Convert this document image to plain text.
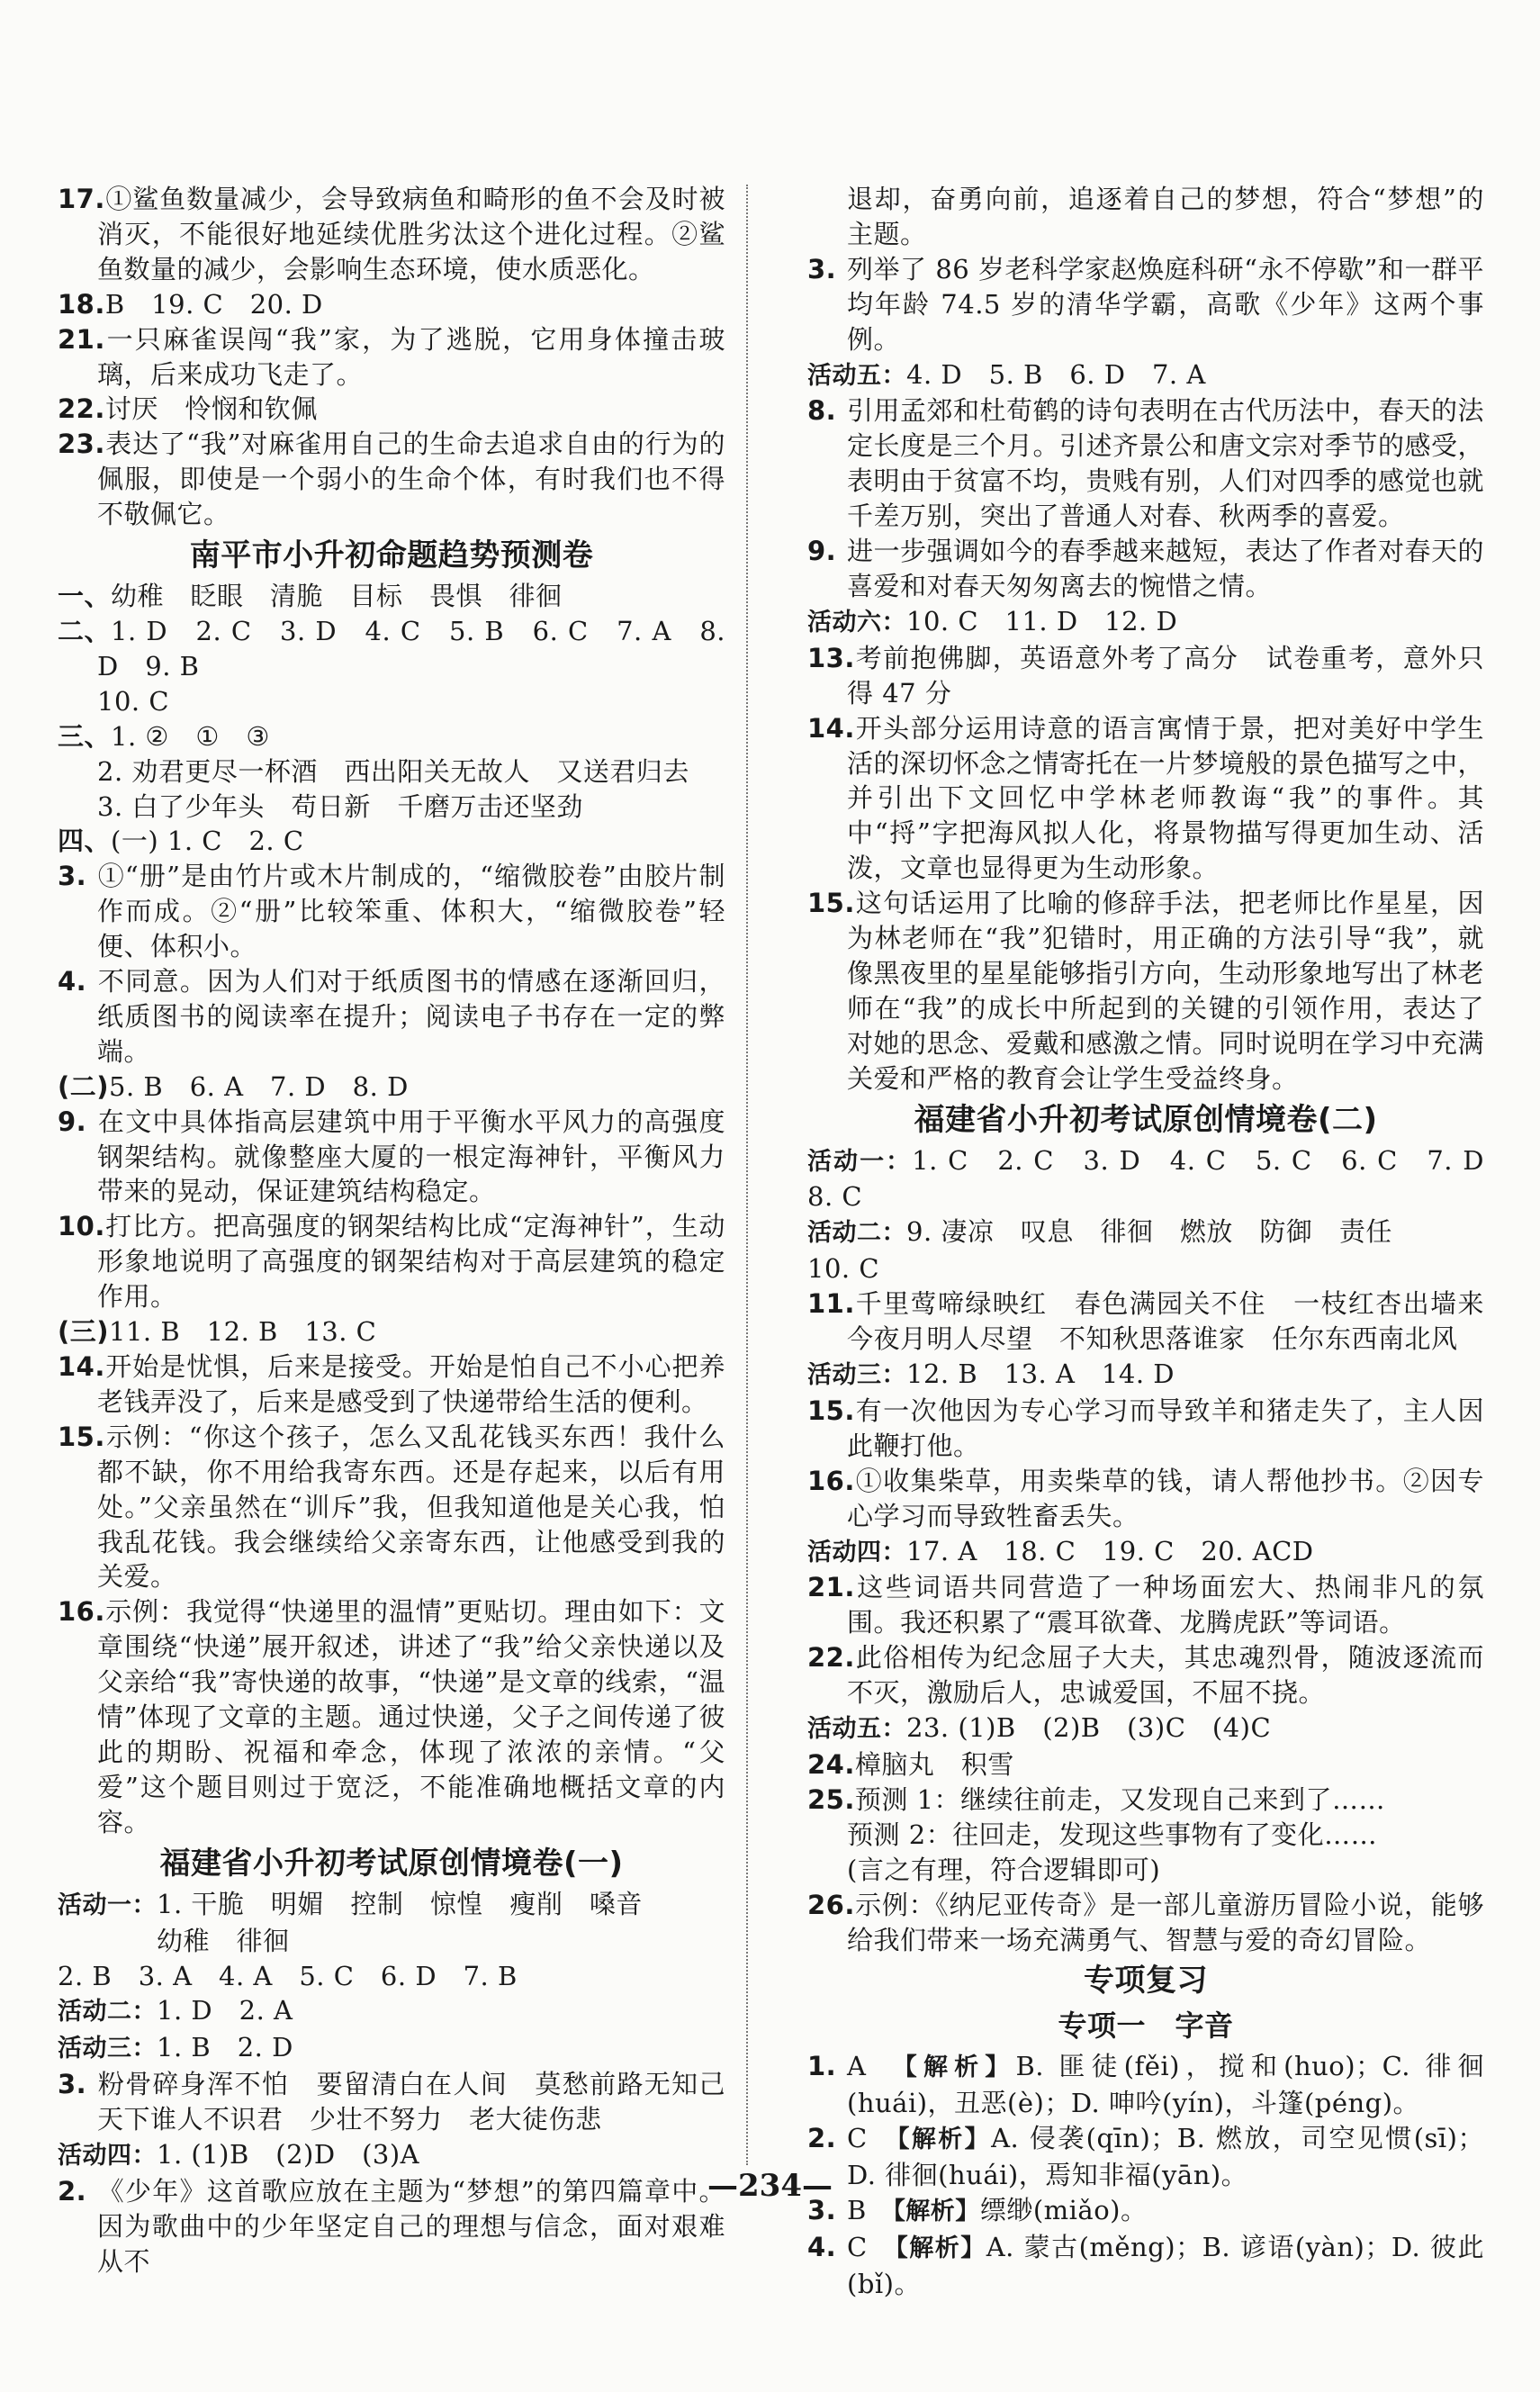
17.①鲨鱼数量减少，会导致病鱼和畸形的鱼不会及时被消灭，不能很好地延续优胜劣汰这个进化过程。②鲨鱼数量的减少，会影响生态环境，使水质恶化。
18.B　19. C　20. D
21.一只麻雀误闯“我”家，为了逃脱，它用身体撞击玻璃，后来成功飞走了。
22.讨厌　怜悯和钦佩
23.表达了“我”对麻雀用自己的生命去追求自由的行为的佩服，即使是一个弱小的生命个体，有时我们也不得不敬佩它。
南平市小升初命题趋势预测卷
一、幼稚　眨眼　清脆　目标　畏惧　徘徊
二、1. D　2. C　3. D　4. C　5. B　6. C　7. A　8. D　9. B
10. C
三、1. ②　①　③
2. 劝君更尽一杯酒　西出阳关无故人　又送君归去
3. 白了少年头　苟日新　千磨万击还坚劲
四、(一) 1. C　2. C
3. ①“册”是由竹片或木片制成的，“缩微胶卷”由胶片制作而成。②“册”比较笨重、体积大，“缩微胶卷”轻便、体积小。
4. 不同意。因为人们对于纸质图书的情感在逐渐回归，纸质图书的阅读率在提升；阅读电子书存在一定的弊端。
(二)5. B　6. A　7. D　8. D
9. 在文中具体指高层建筑中用于平衡水平风力的高强度钢架结构。就像整座大厦的一根定海神针，平衡风力带来的晃动，保证建筑结构稳定。
10.打比方。把高强度的钢架结构比成“定海神针”，生动形象地说明了高强度的钢架结构对于高层建筑的稳定作用。
(三)11. B　12. B　13. C
14.开始是忧惧，后来是接受。开始是怕自己不小心把养老钱弄没了，后来是感受到了快递带给生活的便利。
15.示例：“你这个孩子，怎么又乱花钱买东西！我什么都不缺，你不用给我寄东西。还是存起来，以后有用处。”父亲虽然在“训斥”我，但我知道他是关心我，怕我乱花钱。我会继续给父亲寄东西，让他感受到我的关爱。
16.示例：我觉得“快递里的温情”更贴切。理由如下：文章围绕“快递”展开叙述，讲述了“我”给父亲快递以及父亲给“我”寄快递的故事，“快递”是文章的线索，“温情”体现了文章的主题。通过快递，父子之间传递了彼此的期盼、祝福和牵念，体现了浓浓的亲情。“父爱”这个题目则过于宽泛，不能准确地概括文章的内容。
福建省小升初考试原创情境卷(一)
活动一：1. 干脆　明媚　控制　惊惶　瘦削　嗓音
幼稚　徘徊
2. B　3. A　4. A　5. C　6. D　7. B
活动二：1. D　2. A
活动三：1. B　2. D
3. 粉骨碎身浑不怕　要留清白在人间　莫愁前路无知己　天下谁人不识君　少壮不努力　老大徒伤悲
活动四：1. (1)B　(2)D　(3)A
2. 《少年》这首歌应放在主题为“梦想”的第四篇章中。因为歌曲中的少年坚定自己的理想与信念，面对艰难从不
退却，奋勇向前，追逐着自己的梦想，符合“梦想”的主题。
3. 列举了 86 岁老科学家赵焕庭科研“永不停歇”和一群平均年龄 74.5 岁的清华学霸，高歌《少年》这两个事例。
活动五：4. D　5. B　6. D　7. A
8. 引用孟郊和杜荀鹤的诗句表明在古代历法中，春天的法定长度是三个月。引述齐景公和唐文宗对季节的感受，表明由于贫富不均，贵贱有别，人们对四季的感觉也就千差万别，突出了普通人对春、秋两季的喜爱。
9. 进一步强调如今的春季越来越短，表达了作者对春天的喜爱和对春天匆匆离去的惋惜之情。
活动六：10. C　11. D　12. D
13.考前抱佛脚，英语意外考了高分　试卷重考，意外只得 47 分
14.开头部分运用诗意的语言寓情于景，把对美好中学生活的深切怀念之情寄托在一片梦境般的景色描写之中，并引出下文回忆中学林老师教诲“我”的事件。其中“捋”字把海风拟人化，将景物描写得更加生动、活泼，文章也显得更为生动形象。
15.这句话运用了比喻的修辞手法，把老师比作星星，因为林老师在“我”犯错时，用正确的方法引导“我”，就像黑夜里的星星能够指引方向，生动形象地写出了林老师在“我”的成长中所起到的关键的引领作用，表达了对她的思念、爱戴和感激之情。同时说明在学习中充满关爱和严格的教育会让学生受益终身。
福建省小升初考试原创情境卷(二)
活动一：1. C　2. C　3. D　4. C　5. C　6. C　7. D　8. C
活动二：9. 凄凉　叹息　徘徊　燃放　防御　责任
10. C
11.千里莺啼绿映红　春色满园关不住　一枝红杏出墙来　今夜月明人尽望　不知秋思落谁家　任尔东西南北风
活动三：12. B　13. A　14. D
15.有一次他因为专心学习而导致羊和猪走失了，主人因此鞭打他。
16.①收集柴草，用卖柴草的钱，请人帮他抄书。②因专心学习而导致牲畜丢失。
活动四：17. A　18. C　19. C　20. ACD
21.这些词语共同营造了一种场面宏大、热闹非凡的氛围。我还积累了“震耳欲聋、龙腾虎跃”等词语。
22.此俗相传为纪念屈子大夫，其忠魂烈骨，随波逐流而不灭，激励后人，忠诚爱国，不屈不挠。
活动五：23. (1)B　(2)B　(3)C　(4)C
24.樟脑丸　积雪
25.预测 1：继续往前走，又发现自己来到了……
预测 2：往回走，发现这些事物有了变化……
(言之有理，符合逻辑即可)
26.示例：《纳尼亚传奇》是一部儿童游历冒险小说，能够给我们带来一场充满勇气、智慧与爱的奇幻冒险。
专项复习
专项一　字音
1. A　【解析】B. 匪徒(fěi)，搅和(huo)；C. 徘徊(huái)，丑恶(è)；D. 呻吟(yín)，斗篷(péng)。
2. C　【解析】A. 侵袭(qīn)；B. 燃放，司空见惯(sī)；D. 徘徊(huái)，焉知非福(yān)。
3. B　【解析】缥缈(miǎo)。
4. C　【解析】A. 蒙古(měng)；B. 谚语(yàn)；D. 彼此(bǐ)。
—234—
